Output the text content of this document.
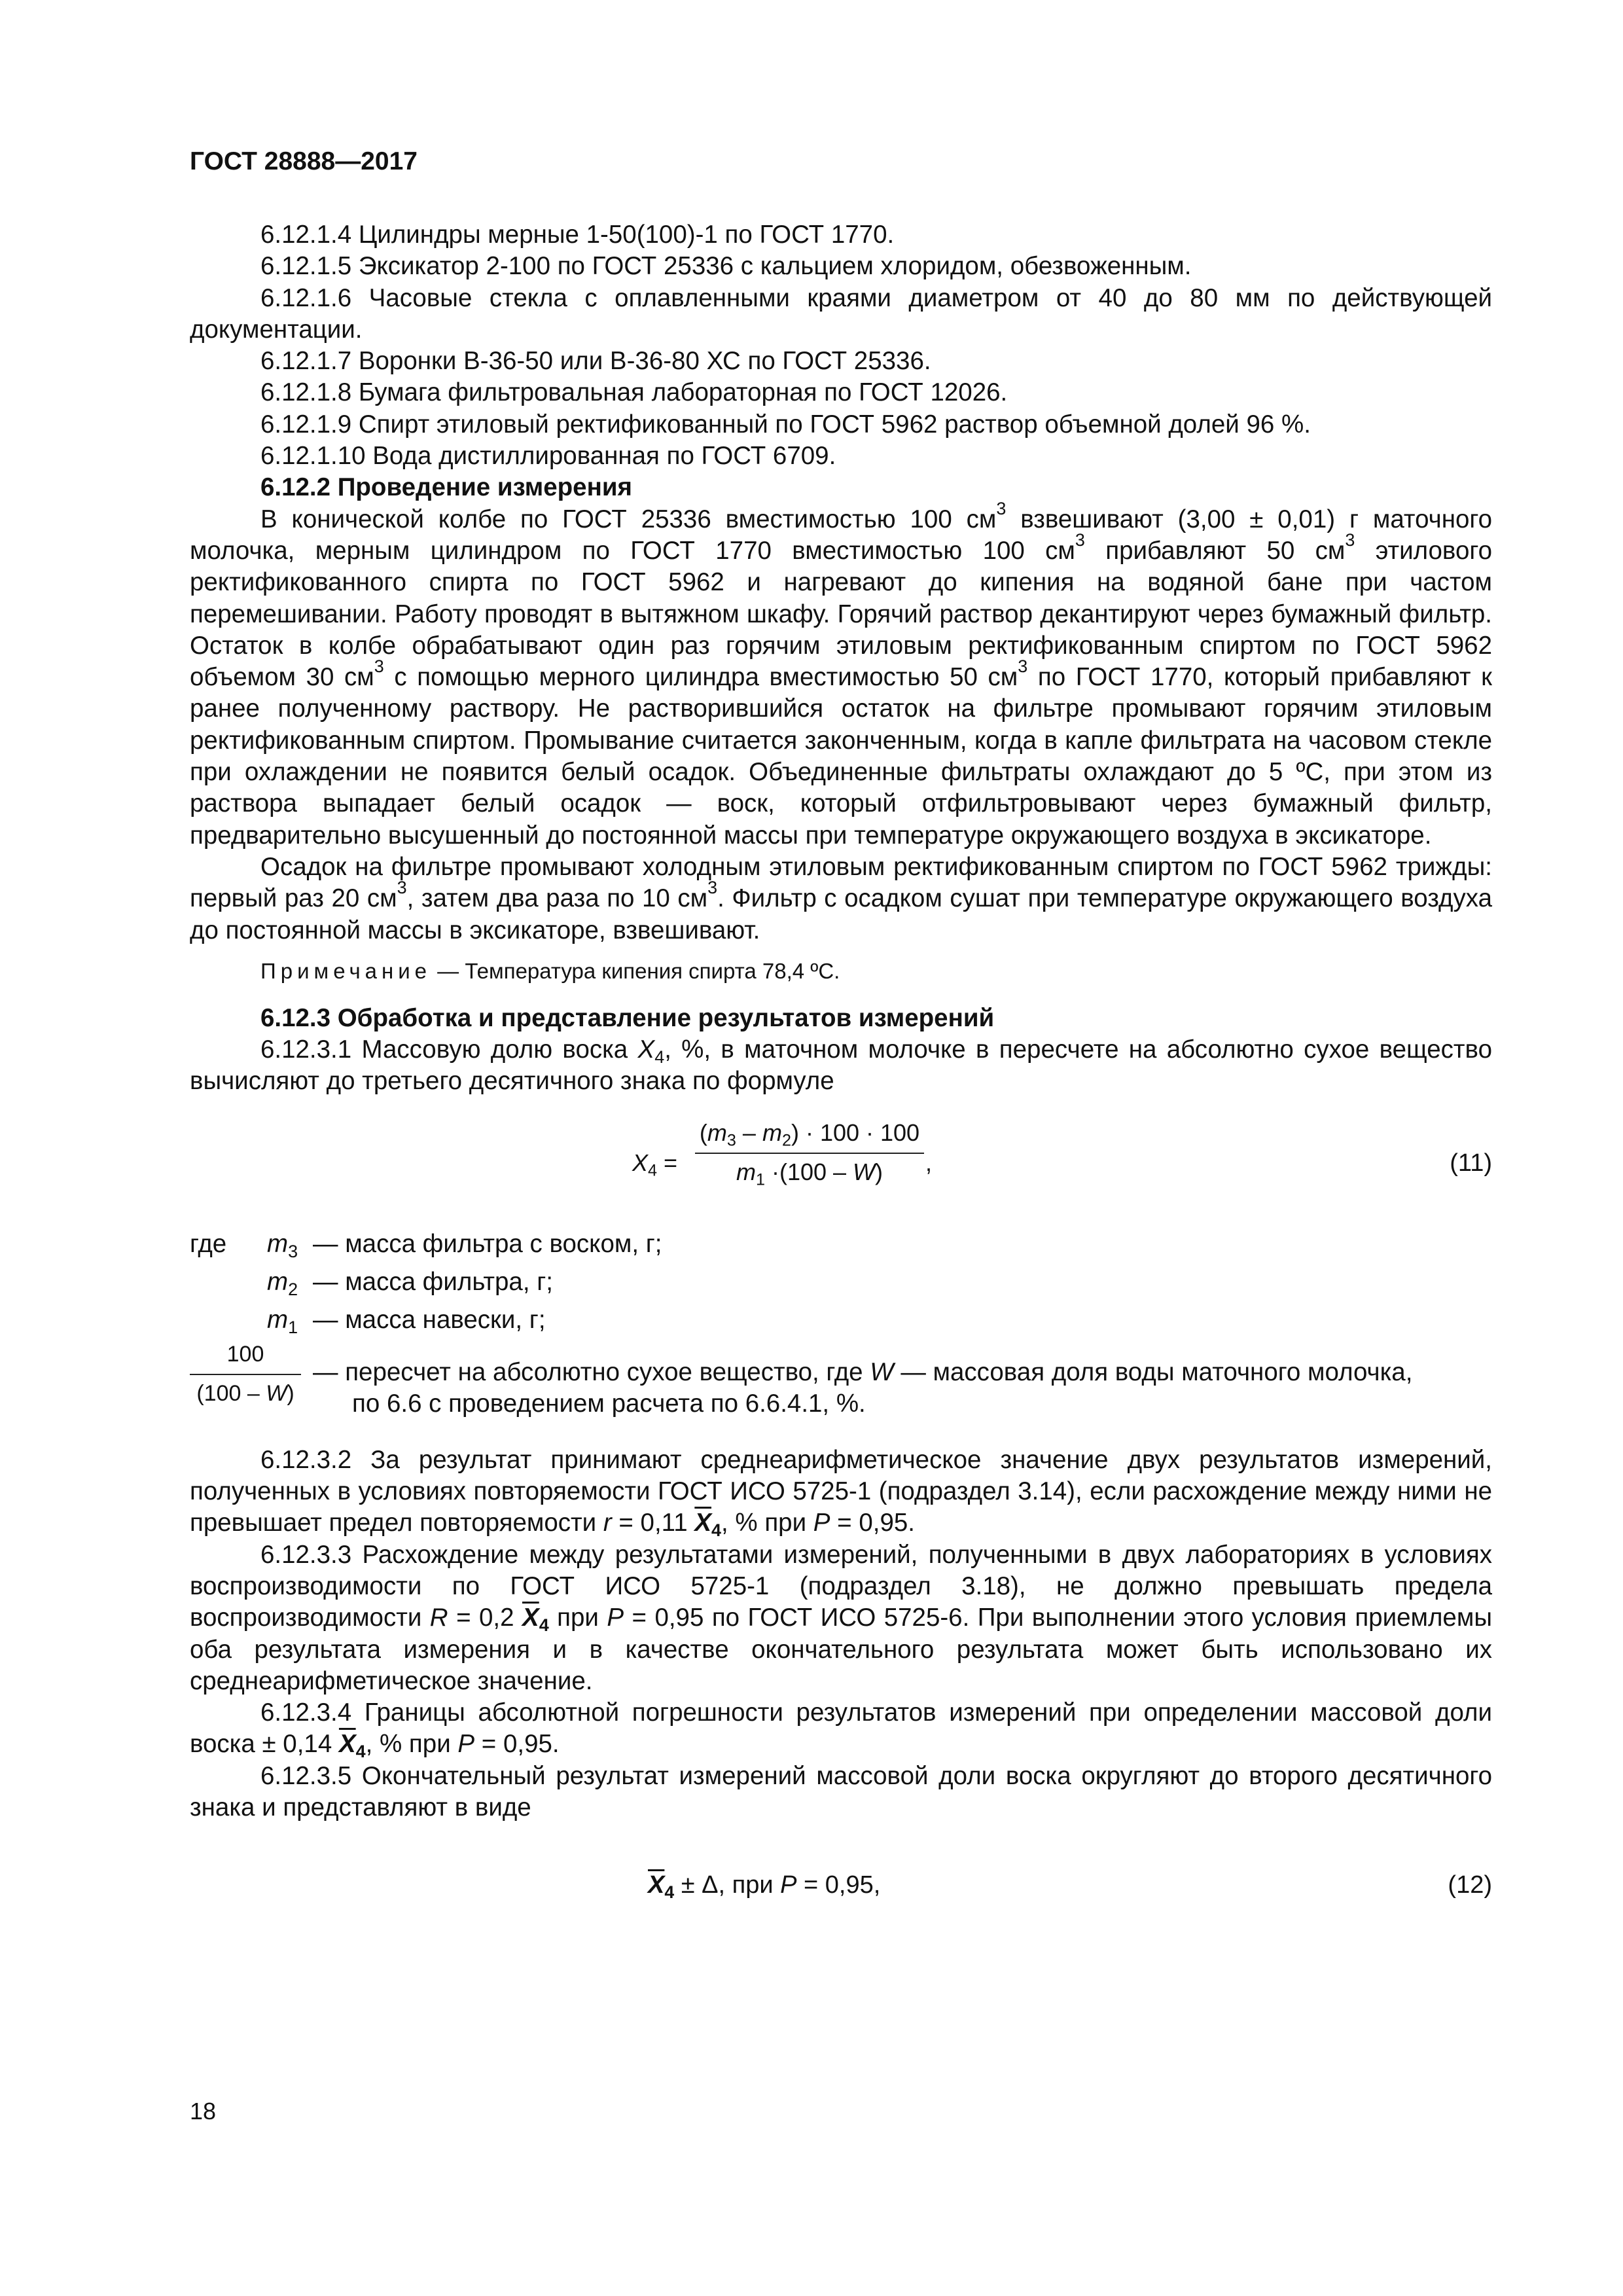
ГОСТ 28888—2017

6.12.1.4 Цилиндры мерные 1-50(100)-1 по ГОСТ 1770.

6.12.1.5 Эксикатор 2-100 по ГОСТ 25336 с кальцием хлоридом, обезвоженным.

6.12.1.6 Часовые стекла с оплавленными краями диаметром от 40 до 80 мм по действующей документации.

6.12.1.7 Воронки В-36-50 или В-36-80 ХС по ГОСТ 25336.

6.12.1.8 Бумага фильтровальная лабораторная по ГОСТ 12026.

6.12.1.9 Спирт этиловый ректификованный по ГОСТ 5962 раствор объемной долей 96 %.

6.12.1.10 Вода дистиллированная по ГОСТ 6709.

6.12.2 Проведение измерения

В конической колбе по ГОСТ 25336 вместимостью 100 $см^3$ взвешивают (3,00 ± 0,01) г маточного молочка, мерным цилиндром по ГОСТ 1770 вместимостью 100 $см^3$ прибавляют 50 $см^3$ этилового ректификованного спирта по ГОСТ 5962 и нагревают до кипения на водяной бане при частом перемешивании. Работу проводят в вытяжном шкафу. Горячий раствор декантируют через бумажный фильтр. Остаток в колбе обрабатывают один раз горячим этиловым ректификованным спиртом по ГОСТ 5962 объемом 30 $см^3$ с помощью мерного цилиндра вместимостью 50 $см^3$ по ГОСТ 1770, который прибавляют к ранее полученному раствору. Не растворившийся остаток на фильтре промывают горячим этиловым ректификованным спиртом. Промывание считается законченным, когда в капле фильтрата на часовом стекле при охлаждении не появится белый осадок. Объединенные фильтраты охлаждают до 5 ºС, при этом из раствора выпадает белый осадок — воск, который отфильтровывают через бумажный фильтр, предварительно высушенный до постоянной массы при температуре окружающего воздуха в эксикаторе.

Осадок на фильтре промывают холодным этиловым ректификованным спиртом по ГОСТ 5962 трижды: первый раз 20 $см^3$, затем два раза по 10 $см^3$. Фильтр с осадком сушат при температуре окружающего воздуха до постоянной массы в эксикаторе, взвешивают.

Примечание — Температура кипения спирта 78,4 ºС.

6.12.3 Обработка и представление результатов измерений

6.12.3.1 Массовую долю воска $X_4$, %, в маточном молочке в пересчете на абсолютно сухое вещество вычисляют до третьего десятичного знака по формуле

$X_4$ =
$(m_3 - m_2) \cdot 100 \cdot 100$
$m_1 \cdot(100 - W)$	,	(11)
где $m_3$ — масса фильтра с воском, г;
$m_2$ — масса фильтра, г;
$m_1$ — масса навески, г;
100
(100 – W)
— пересчет на абсолютно сухое вещество, где W — массовая доля воды маточного молочка,
по 6.6 с проведением расчета по 6.6.4.1, %.

6.12.3.2 За результат принимают среднеарифметическое значение двух результатов измерений, полученных в условиях повторяемости ГОСТ ИСО 5725-1 (подраздел 3.14), если расхождение между ними не превышает предел повторяемости r = 0,11 $\overline{X}_4$, % при P = 0,95.

6.12.3.3 Расхождение между результатами измерений, полученными в двух лабораториях в условиях воспроизводимости по ГОСТ ИСО 5725-1 (подраздел 3.18), не должно превышать предела воспроизводимости R = 0,2 $\overline{X}_4$ при P = 0,95 по ГОСТ ИСО 5725-6. При выполнении этого условия приемлемы оба результата измерения и в качестве окончательного результата может быть использовано их среднеарифметическое значение.

6.12.3.4 Границы абсолютной погрешности результатов измерений при определении массовой доли воска ± 0,14 $\overline{X}_4$, % при P = 0,95.

6.12.3.5 Окончательный результат измерений массовой доли воска округляют до второго десятичного знака и представляют в виде

$\overline{X}_4 \pm \Delta$, при P = 0,95,	(12)
18
